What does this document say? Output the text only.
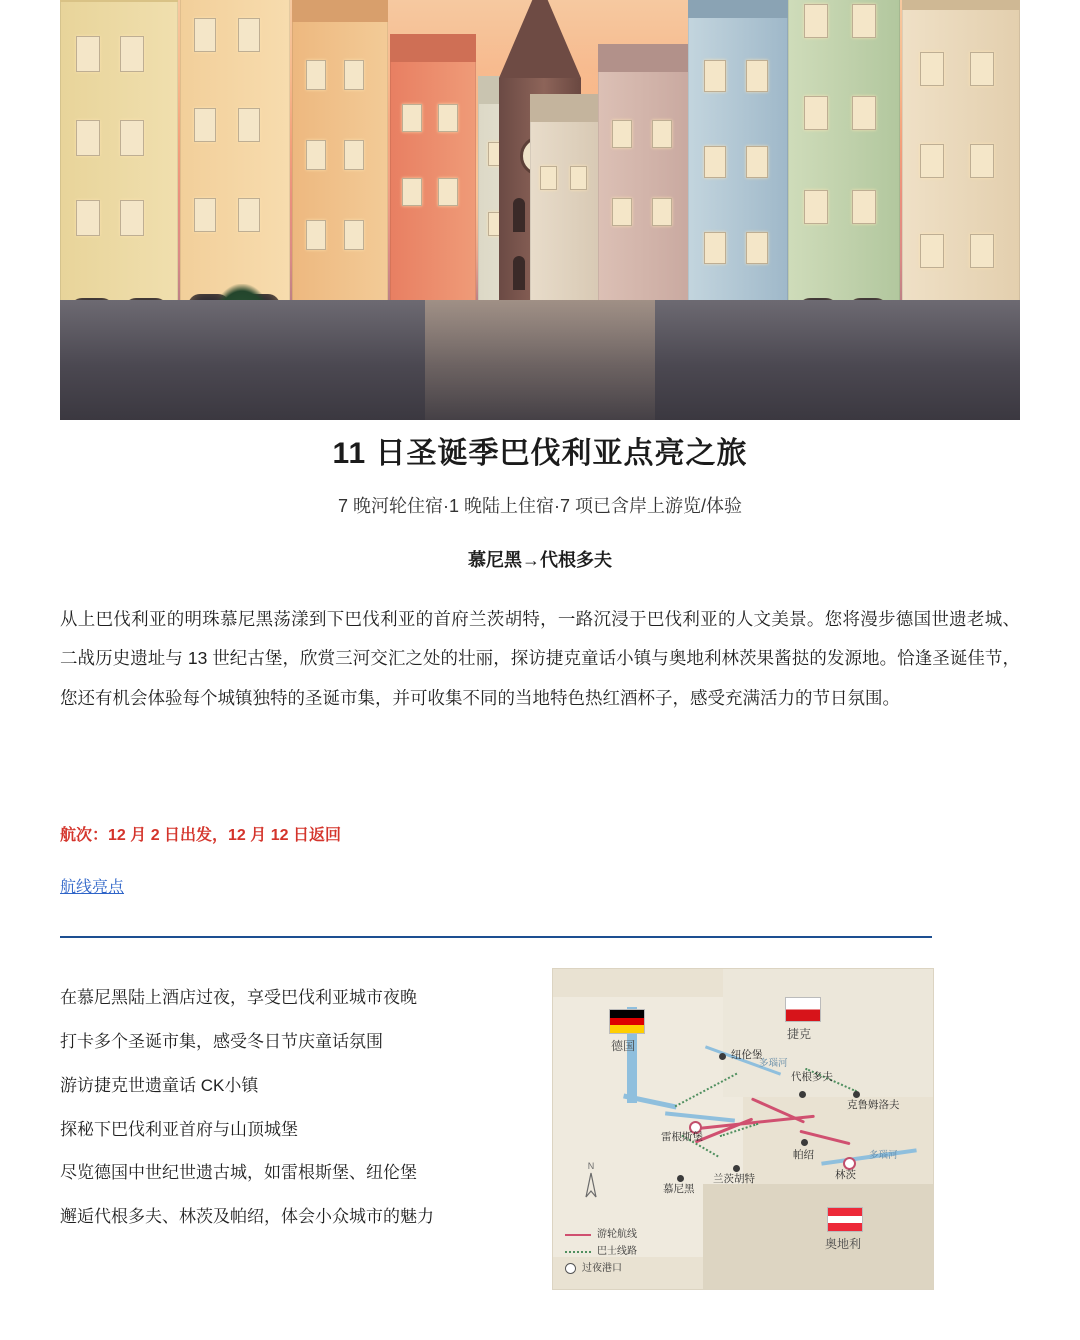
11 日圣诞季巴伐利亚点亮之旅
7 晚河轮住宿·1 晚陆上住宿·7 项已含岸上游览/体验
慕尼黑→代根多夫
从上巴伐利亚的明珠慕尼黑荡漾到下巴伐利亚的首府兰茨胡特，一路沉浸于巴伐利亚的人文美景。您将漫步德国世遗老城、二战历史遗址与 13 世纪古堡，欣赏三河交汇之处的壮丽，探访捷克童话小镇与奥地利林茨果酱挞的发源地。恰逢圣诞佳节，您还有机会体验每个城镇独特的圣诞市集，并可收集不同的当地特色热红酒杯子，感受充满活力的节日氛围。
航次：12 月 2 日出发，12 月 12 日返回
航线亮点
在慕尼黑陆上酒店过夜，享受巴伐利亚城市夜晚
打卡多个圣诞市集，感受冬日节庆童话氛围
游访捷克世遗童话 CK小镇
探秘下巴伐利亚首府与山顶城堡
尽览德国中世纪世遗古城，如雷根斯堡、纽伦堡
邂逅代根多夫、林茨及帕绍，体会小众城市的魅力
纽伦堡
代根多夫
克鲁姆洛夫
雷根斯堡
帕绍
慕尼黑
兰茨胡特	林茨
多瑙河
多瑙河
德国
捷克
奥地利
N
游轮航线
巴士线路
过夜港口
